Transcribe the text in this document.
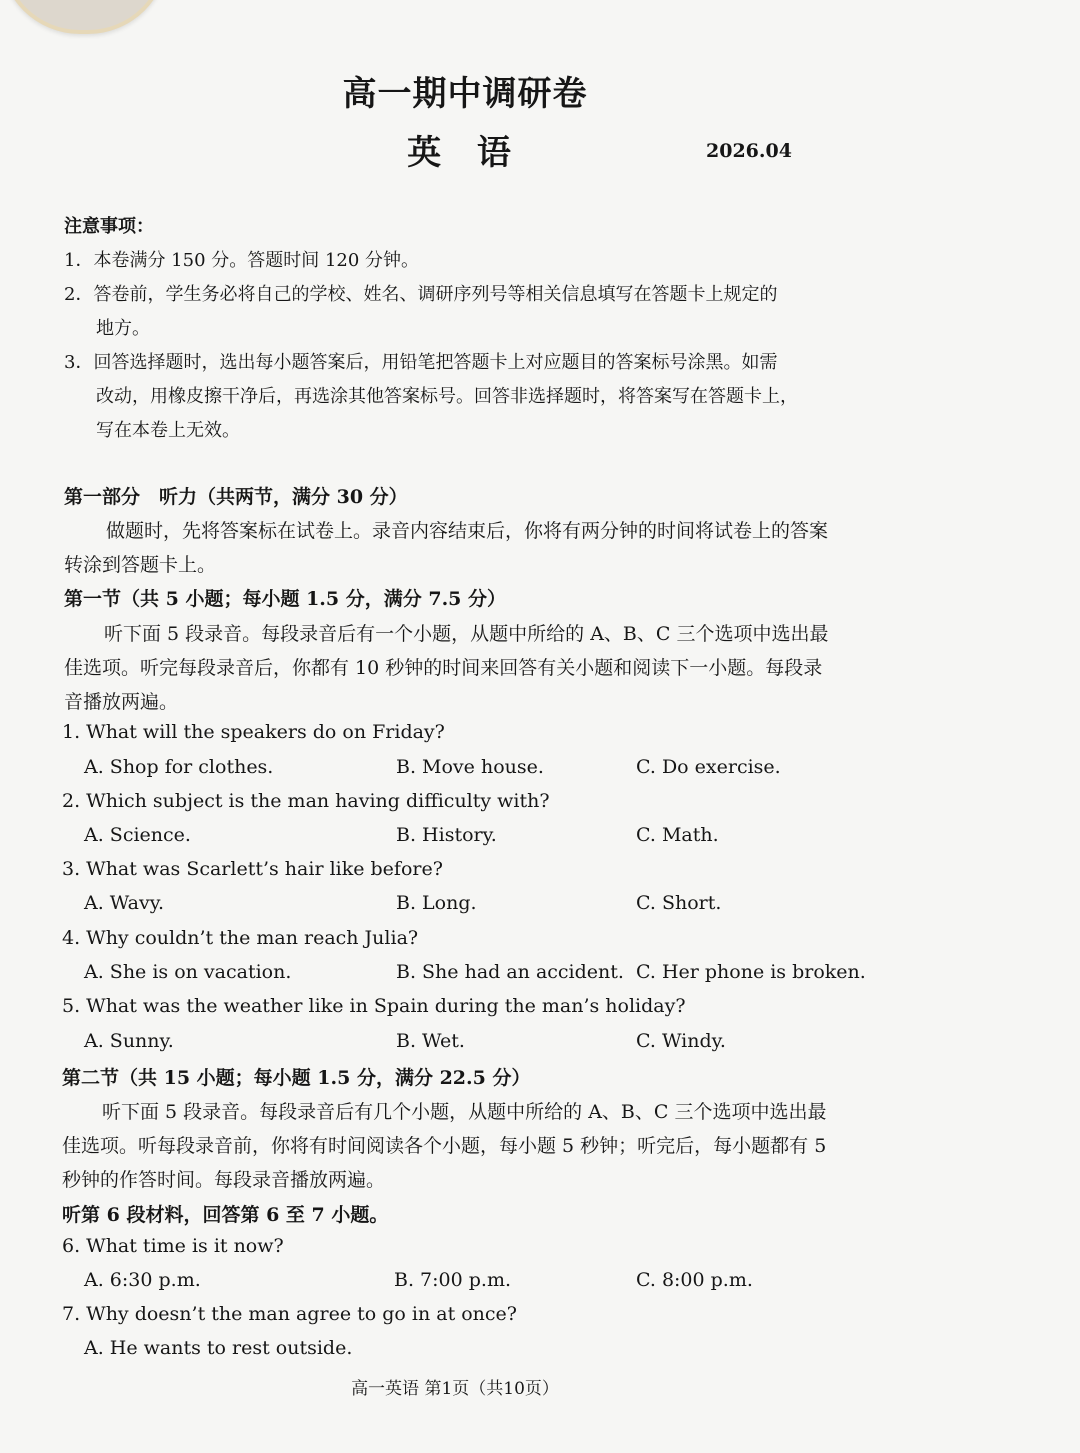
高一期中调研卷
英 语	2026.04
注意事项：
1．本卷满分 150 分。答题时间 120 分钟。
2．答卷前，学生务必将自己的学校、姓名、调研序列号等相关信息填写在答题卡上规定的
地方。
3．回答选择题时，选出每小题答案后，用铅笔把答题卡上对应题目的答案标号涂黑。如需
改动，用橡皮擦干净后，再选涂其他答案标号。回答非选择题时，将答案写在答题卡上，
写在本卷上无效。
第一部分　听力（共两节，满分 30 分）
做题时，先将答案标在试卷上。录音内容结束后，你将有两分钟的时间将试卷上的答案
转涂到答题卡上。
第一节（共 5 小题；每小题 1.5 分，满分 7.5 分）
听下面 5 段录音。每段录音后有一个小题，从题中所给的 A、B、C 三个选项中选出最
佳选项。听完每段录音后，你都有 10 秒钟的时间来回答有关小题和阅读下一小题。每段录
音播放两遍。
1. What will the speakers do on Friday?
A. Shop for clothes.	B. Move house.	C. Do exercise.
2. Which subject is the man having difficulty with?
A. Science.	B. History.	C. Math.
3. What was Scarlett’s hair like before?
A. Wavy.	B. Long.	C. Short.
4. Why couldn’t the man reach Julia?
A. She is on vacation.	B. She had an accident. C. Her phone is broken.
5. What was the weather like in Spain during the man’s holiday?
A. Sunny.	B. Wet.	C. Windy.
第二节（共 15 小题；每小题 1.5 分，满分 22.5 分）
听下面 5 段录音。每段录音后有几个小题，从题中所给的 A、B、C 三个选项中选出最
佳选项。听每段录音前，你将有时间阅读各个小题，每小题 5 秒钟；听完后，每小题都有 5
秒钟的作答时间。每段录音播放两遍。
听第 6 段材料，回答第 6 至 7 小题。
6. What time is it now?
A. 6:30 p.m.	B. 7:00 p.m.	C. 8:00 p.m.
7. Why doesn’t the man agree to go in at once?
A. He wants to rest outside.
高一英语 第1页（共10页）
